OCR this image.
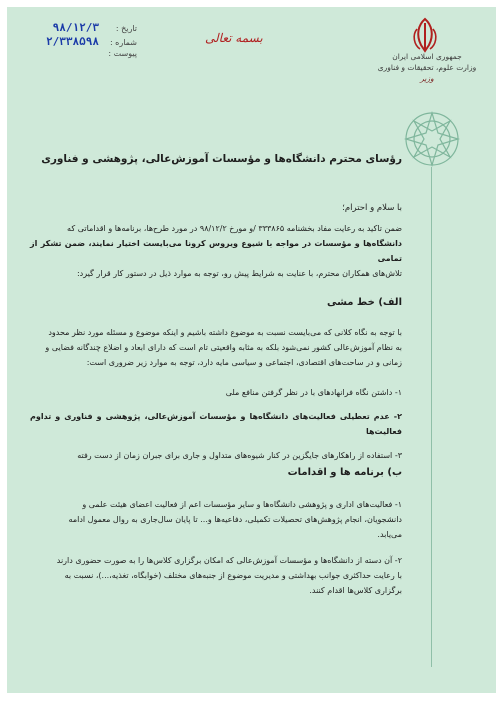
جمهوری اسلامی ایران
وزارت علوم، تحقیقات و فناوری
وزیر
بسمه تعالی
تاریخ :
۹۸/۱۲/۳
شماره :
۲/۳۳۸۵۹۸
پیوست :
رؤسای محترم دانشگاه‌ها و مؤسسات آموزش‌عالی، پژوهشی و فناوری
با سلام و احترام؛
ضمن تاکید به رعایت مفاد بخشنامه ۳۳۳۸۶۵ /و مورخ ۹۸/۱۲/۲ در مورد طرح‌ها، برنامه‌ها و اقداماتی که
دانشگاه‌ها و مؤسسات در مواجه با شیوع ویروس کرونا می‌بایست اختیار نمایند، ضمن تشکر از تمامی
تلاش‌های همکاران محترم، با عنایت به شرایط پیش رو، توجه به موارد ذیل در دستور کار قرار گیرد:
الف) خط مشی
با توجه به نگاه کلانی که می‌بایست نسبت به موضوع داشته باشیم و اینکه موضوع و مسئله مورد نظر محدود
به نظام آموزش‌عالی کشور نمی‌شود بلکه به مثابه واقعیتی تام است که دارای ابعاد و اضلاع چندگانه فضایی و
زمانی و در ساحت‌های اقتصادی، اجتماعی و سیاسی مایه دارد، توجه به موارد زیر ضروری است:
۱- داشتن نگاه فرانهادهای با در نظر گرفتن منافع ملی
۲- عدم تعطیلی فعالیت‌های دانشگاه‌ها و مؤسسات آموزش‌عالی، پژوهشی و فناوری و تداوم فعالیت‌ها
۳- استفاده از راهکارهای جایگزین در کنار شیوه‌های متداول و جاری برای جبران زمان از دست رفته
ب) برنامه ها و اقدامات
۱- فعالیت‌های اداری و پژوهشی دانشگاه‌ها و سایر مؤسسات اعم از فعالیت اعضای هیئت علمی و
دانشجویان، انجام پژوهش‌های تحصیلات تکمیلی، دفاعیه‌ها و... تا پایان سال‌جاری به روال معمول ادامه
می‌یابد.
۲- آن دسته از دانشگاه‌ها و مؤسسات آموزش‌عالی که امکان برگزاری کلاس‌ها را به صورت حضوری دارند
با رعایت حداکثری جوانب بهداشتی و مدیریت موضوع از جنبه‌های مختلف (خوابگاه، تغذیه،...)، نسبت به
برگزاری کلاس‌ها اقدام کنند.
